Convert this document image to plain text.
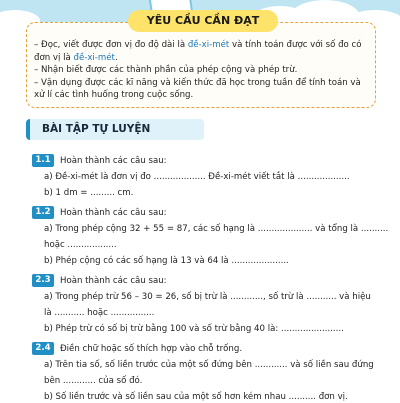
YÊU CẦU CẦN ĐẠT

– Đọc, viết được đơn vị đo độ dài là đề-xi-mét và tính toán được với số đo có

đơn vị là đề-xi-mét.

– Nhận biết được các thành phần của phép cộng và phép trừ.

– Vận dụng được các kĩ năng và kiến thức đã học trong tuần để tính toán và

xử lí các tình huống trong cuộc sống.

BÀI TẬP TỰ LUYỆN
1.1 Hoàn thành các câu sau:
a) Đề-xi-mét là đơn vị đo ................... Đề-xi-mét viết tắt là ...................
b) 1 dm = ......... cm.
1.2 Hoàn thành các câu sau:
a) Trong phép cộng 32 + 55 = 87, các số hạng là .................... và tổng là ..........
hoặc ..................
b) Phép cộng có các số hạng là 13 và 64 là .....................
2.3 Hoàn thành các câu sau:
a) Trong phép trừ 56 – 30 = 26, số bị trừ là ............, số trừ là ........... và hiệu
là ........... hoặc ................
b) Phép trừ có số bị trừ bằng 100 và số trừ bằng 40 là: .......................
2.4 Điền chữ hoặc số thích hợp vào chỗ trống.
a) Trên tia số, số liền trước của một số đứng bên ............ và số liền sau đứng
bên ............ của số đó.
b) Số liền trước và số liền sau của một số hơn kém nhau .......... đơn vị.
